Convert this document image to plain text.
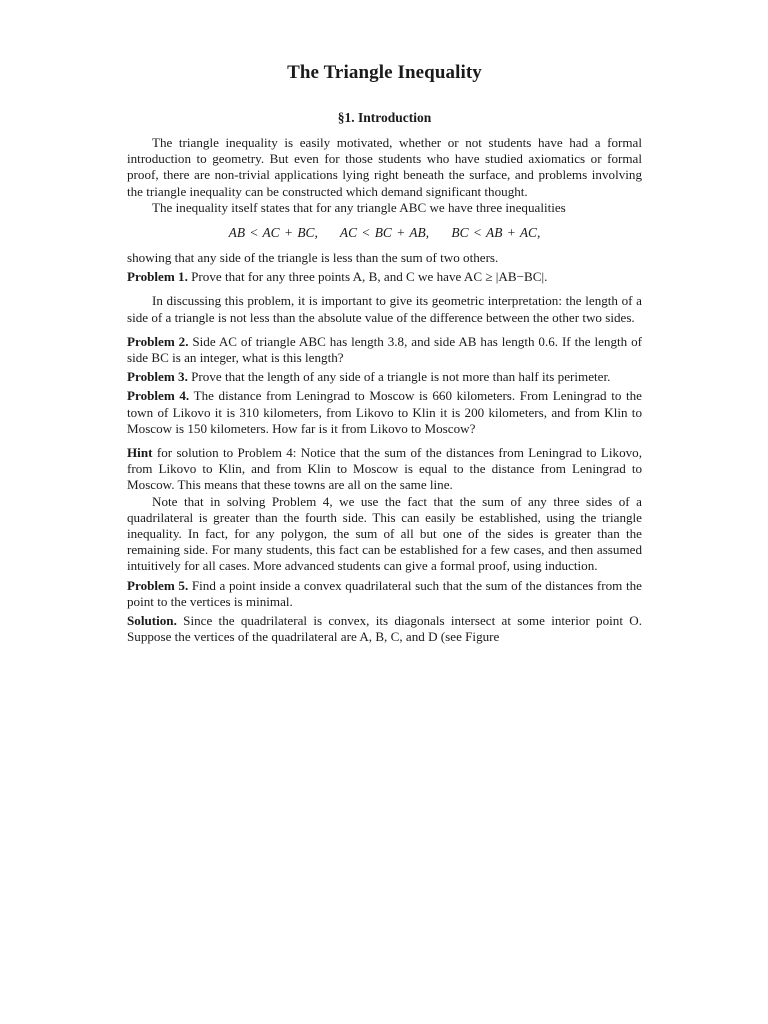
The Triangle Inequality
§1. Introduction

The triangle inequality is easily motivated, whether or not students have had a formal introduction to geometry. But even for those students who have studied axiomatics or formal proof, there are non-trivial applications lying right beneath the surface, and problems involving the triangle inequality can be constructed which demand significant thought.

The inequality itself states that for any triangle ABC we have three inequalities

AB < AC + BC, AC < BC + AB, BC < AB + AC,

showing that any side of the triangle is less than the sum of two others.

Problem 1. Prove that for any three points A, B, and C we have AC ≥ |AB−BC|.

In discussing this problem, it is important to give its geometric interpretation: the length of a side of a triangle is not less than the absolute value of the difference between the other two sides.

Problem 2. Side AC of triangle ABC has length 3.8, and side AB has length 0.6. If the length of side BC is an integer, what is this length?

Problem 3. Prove that the length of any side of a triangle is not more than half its perimeter.

Problem 4. The distance from Leningrad to Moscow is 660 kilometers. From Leningrad to the town of Likovo it is 310 kilometers, from Likovo to Klin it is 200 kilometers, and from Klin to Moscow is 150 kilometers. How far is it from Likovo to Moscow?

Hint for solution to Problem 4: Notice that the sum of the distances from Leningrad to Likovo, from Likovo to Klin, and from Klin to Moscow is equal to the distance from Leningrad to Moscow. This means that these towns are all on the same line.

Note that in solving Problem 4, we use the fact that the sum of any three sides of a quadrilateral is greater than the fourth side. This can easily be established, using the triangle inequality. In fact, for any polygon, the sum of all but one of the sides is greater than the remaining side. For many students, this fact can be established for a few cases, and then assumed intuitively for all cases. More advanced students can give a formal proof, using induction.

Problem 5. Find a point inside a convex quadrilateral such that the sum of the distances from the point to the vertices is minimal.

Solution. Since the quadrilateral is convex, its diagonals intersect at some interior point O. Suppose the vertices of the quadrilateral are A, B, C, and D (see Figure
